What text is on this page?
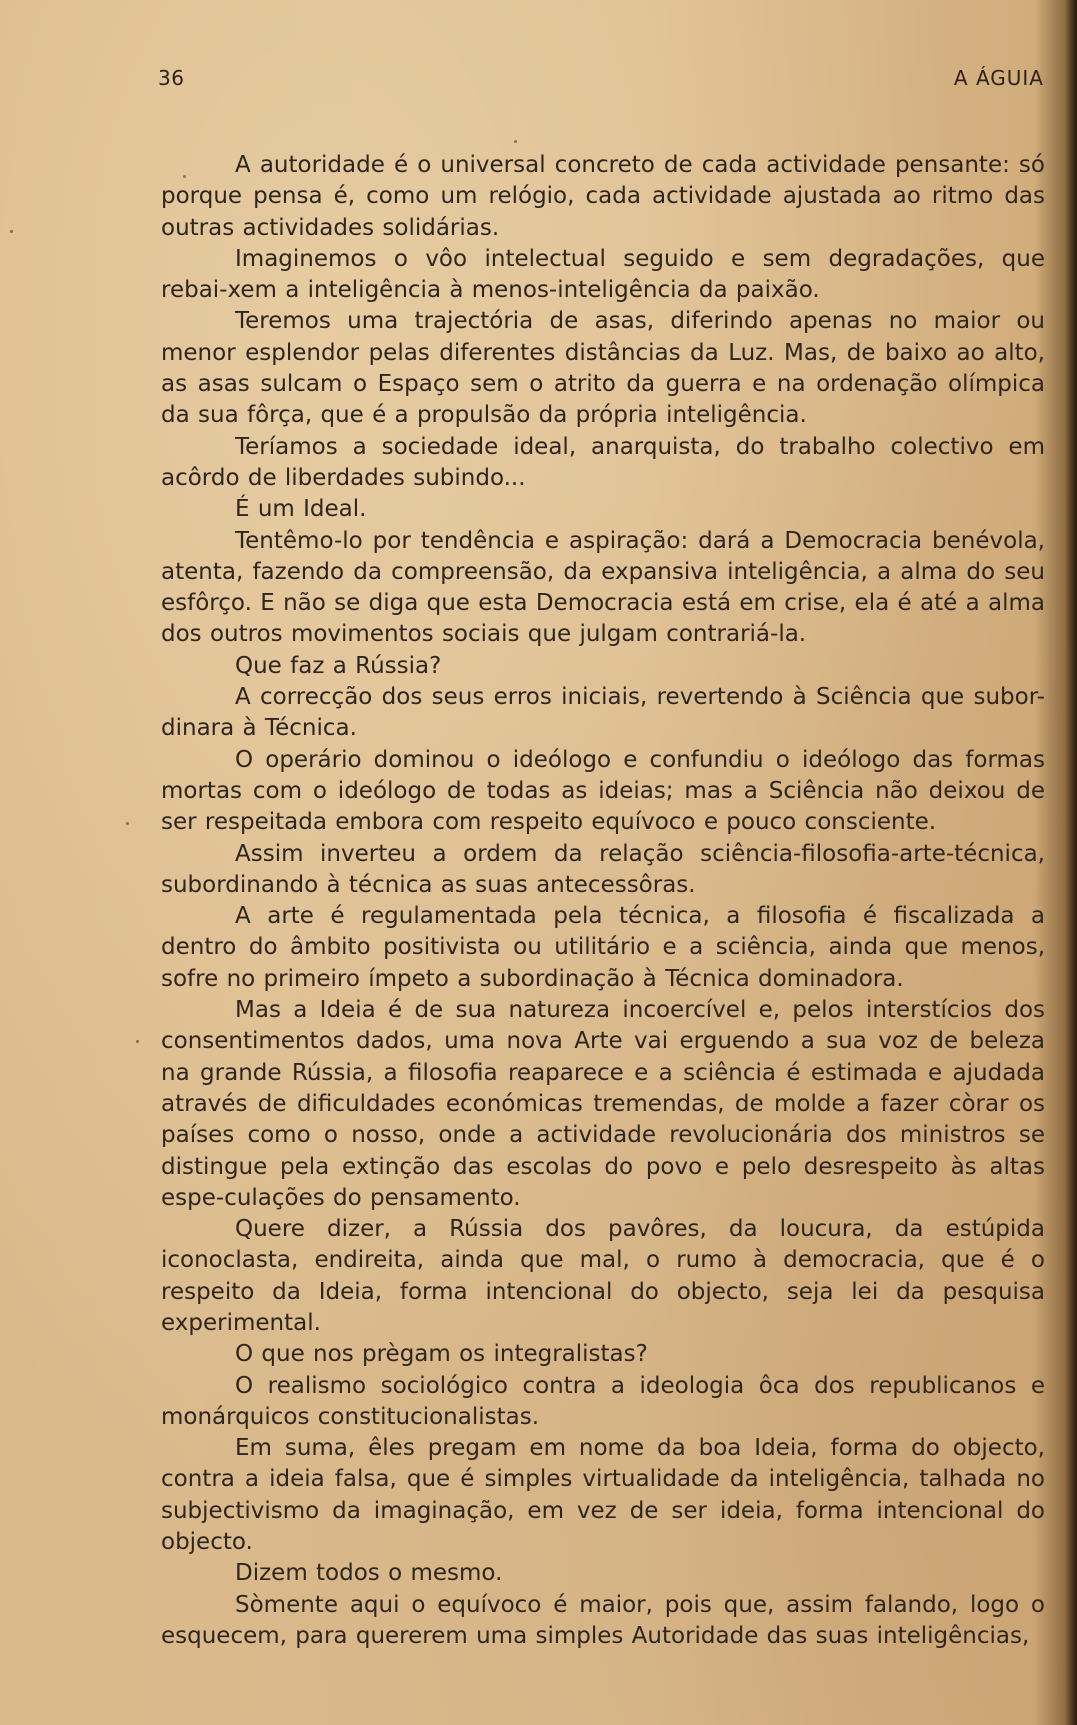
36	A ÁGUIA

A autoridade é o universal concreto de cada actividade pensante: só porque pensa é, como um relógio, cada actividade ajustada ao ritmo das outras actividades solidárias.

Imaginemos o vôo intelectual seguido e sem degradações, que rebai-xem a inteligência à menos-inteligência da paixão.

Teremos uma trajectória de asas, diferindo apenas no maior ou menor esplendor pelas diferentes distâncias da Luz. Mas, de baixo ao alto, as asas sulcam o Espaço sem o atrito da guerra e na ordenação olímpica da sua fôrça, que é a propulsão da própria inteligência.

Teríamos a sociedade ideal, anarquista, do trabalho colectivo em acôrdo de liberdades subindo...

É um Ideal.

Tentêmo-lo por tendência e aspiração: dará a Democracia benévola, atenta, fazendo da compreensão, da expansiva inteligência, a alma do seu esfôrço. E não se diga que esta Democracia está em crise, ela é até a alma dos outros movimentos sociais que julgam contrariá-la.

Que faz a Rússia?

A correcção dos seus erros iniciais, revertendo à Sciência que subor-dinara à Técnica.

O operário dominou o ideólogo e confundiu o ideólogo das formas mortas com o ideólogo de todas as ideias; mas a Sciência não deixou de ser respeitada embora com respeito equívoco e pouco consciente.

Assim inverteu a ordem da relação sciência-filosofia-arte-técnica, subordinando à técnica as suas antecessôras.

A arte é regulamentada pela técnica, a filosofia é fiscalizada a dentro do âmbito positivista ou utilitário e a sciência, ainda que menos, sofre no primeiro ímpeto a subordinação à Técnica dominadora.

Mas a Ideia é de sua natureza incoercível e, pelos interstícios dos consentimentos dados, uma nova Arte vai erguendo a sua voz de beleza na grande Rússia, a filosofia reaparece e a sciência é estimada e ajudada através de dificuldades económicas tremendas, de molde a fazer còrar os países como o nosso, onde a actividade revolucionária dos ministros se distingue pela extinção das escolas do povo e pelo desrespeito às altas espe-culações do pensamento.

Quere dizer, a Rússia dos pavôres, da loucura, da estúpida iconoclasta, endireita, ainda que mal, o rumo à democracia, que é o respeito da Ideia, forma intencional do objecto, seja lei da pesquisa experimental.

O que nos prègam os integralistas?

O realismo sociológico contra a ideologia ôca dos republicanos e monárquicos constitucionalistas.

Em suma, êles pregam em nome da boa Ideia, forma do objecto, contra a ideia falsa, que é simples virtualidade da inteligência, talhada no subjectivismo da imaginação, em vez de ser ideia, forma intencional do objecto.

Dizem todos o mesmo.

Sòmente aqui o equívoco é maior, pois que, assim falando, logo o esquecem, para quererem uma simples Autoridade das suas inteligências,
